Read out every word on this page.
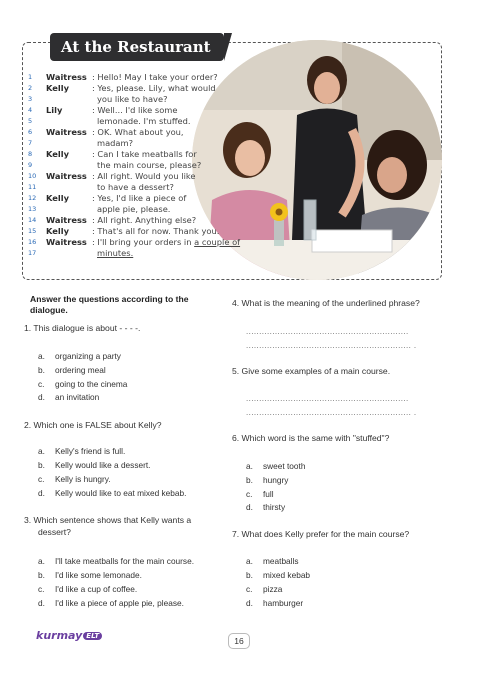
At the Restaurant
1	Waitress : Hello! May I take your order?
2	Kelly	: Yes, please. Lily, what would
3	you like to have?
4	Lily	: Well... I'd like some
5	lemonade. I'm stuffed.
6	Waitress : OK. What about you,
7	madam?
8	Kelly	: Can I take meatballs for
9	the main course, please?
10	Waitress : All right. Would you like
11	to have a dessert?
12	Kelly	: Yes, I'd like a piece of
13	apple pie, please.
14	Waitress : All right. Anything else?
15	Kelly	: That's all for now. Thank you.
16	Waitress : I'll bring your orders in a couple of
17	minutes.
Answer the questions according to the
dialogue.
1. This dialogue is about - - - -.
a. organizing a party
b. ordering meal
c. going to the cinema
d. an invitation
2. Which one is FALSE about Kelly?
a. Kelly's friend is full.
b. Kelly would like a dessert.
c. Kelly is hungry.
d. Kelly would like to eat mixed kebab.
3. Which sentence shows that Kelly wants a
dessert?
a. I'll take meatballs for the main course.
b. I'd like some lemonade.
c. I'd like a cup of coffee.
d. I'd like a piece of apple pie, please.
4. What is the meaning of the underlined phrase?
..............................................................
............................................................... .
5. Give some examples of a main course.
..............................................................
............................................................... .
6. Which word is the same with "stuffed"?
a. sweet tooth
b. hungry
c. full
d. thirsty
7. What does Kelly prefer for the main course?
a. meatballs
b. mixed kebab
c. pizza
d. hamburger
kurmay ELT	16
